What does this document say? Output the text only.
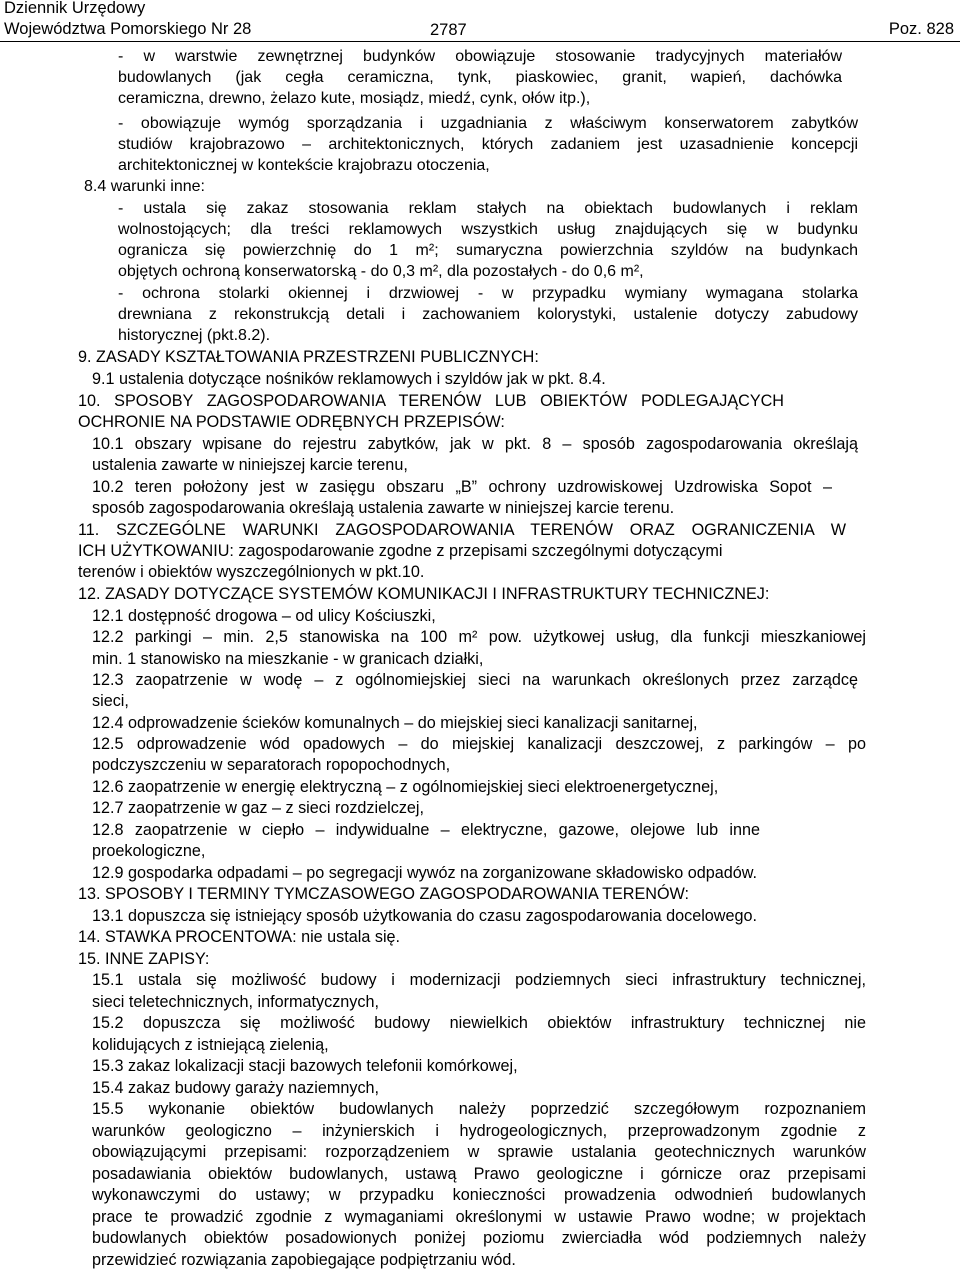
Dziennik Urzędowy
Województwa Pomorskiego Nr 28	2787	Poz. 828
- w warstwie zewnętrznej budynków obowiązuje stosowanie tradycyjnych materiałów
budowlanych (jak cegła ceramiczna, tynk, piaskowiec, granit, wapień, dachówka
ceramiczna, drewno, żelazo kute, mosiądz, miedź, cynk, ołów itp.),
- obowiązuje wymóg sporządzania i uzgadniania z właściwym konserwatorem zabytków
studiów krajobrazowo – architektonicznych, których zadaniem jest uzasadnienie koncepcji
architektonicznej w kontekście krajobrazu otoczenia,
8.4 warunki inne:
- ustala się zakaz stosowania reklam stałych na obiektach budowlanych i reklam
wolnostojących; dla treści reklamowych wszystkich usług znajdujących się w budynku
ogranicza się powierzchnię do 1 m²; sumaryczna powierzchnia szyldów na budynkach
objętych ochroną konserwatorską - do 0,3 m², dla pozostałych - do 0,6 m²,
- ochrona stolarki okiennej i drzwiowej - w przypadku wymiany wymagana stolarka
drewniana z rekonstrukcją detali i zachowaniem kolorystyki, ustalenie dotyczy zabudowy
historycznej (pkt.8.2).
9. ZASADY KSZTAŁTOWANIA PRZESTRZENI PUBLICZNYCH:
9.1 ustalenia dotyczące nośników reklamowych i szyldów jak w pkt. 8.4.
10. SPOSOBY ZAGOSPODAROWANIA TERENÓW LUB OBIEKTÓW PODLEGAJĄCYCH
OCHRONIE NA PODSTAWIE ODRĘBNYCH PRZEPISÓW:
10.1 obszary wpisane do rejestru zabytków, jak w pkt. 8 – sposób zagospodarowania określają
ustalenia zawarte w niniejszej karcie terenu,
10.2 teren położony jest w zasięgu obszaru „B” ochrony uzdrowiskowej Uzdrowiska Sopot –
sposób zagospodarowania określają ustalenia zawarte w niniejszej karcie terenu.
11. SZCZEGÓLNE WARUNKI ZAGOSPODAROWANIA TERENÓW ORAZ OGRANICZENIA W
ICH UŻYTKOWANIU: zagospodarowanie zgodne z przepisami szczególnymi dotyczącymi
terenów i obiektów wyszczególnionych w pkt.10.
12. ZASADY DOTYCZĄCE SYSTEMÓW KOMUNIKACJI I INFRASTRUKTURY TECHNICZNEJ:
12.1 dostępność drogowa – od ulicy Kościuszki,
12.2 parkingi – min. 2,5 stanowiska na 100 m² pow. użytkowej usług, dla funkcji mieszkaniowej
min. 1 stanowisko na mieszkanie - w granicach działki,
12.3 zaopatrzenie w wodę – z ogólnomiejskiej sieci na warunkach określonych przez zarządcę
sieci,
12.4 odprowadzenie ścieków komunalnych – do miejskiej sieci kanalizacji sanitarnej,
12.5 odprowadzenie wód opadowych – do miejskiej kanalizacji deszczowej, z parkingów – po
podczyszczeniu w separatorach ropopochodnych,
12.6 zaopatrzenie w energię elektryczną – z ogólnomiejskiej sieci elektroenergetycznej,
12.7 zaopatrzenie w gaz – z sieci rozdzielczej,
12.8 zaopatrzenie w ciepło – indywidualne – elektryczne, gazowe, olejowe lub inne
proekologiczne,
12.9 gospodarka odpadami – po segregacji wywóz na zorganizowane składowisko odpadów.
13. SPOSOBY I TERMINY TYMCZASOWEGO ZAGOSPODAROWANIA TERENÓW:
13.1 dopuszcza się istniejący sposób użytkowania do czasu zagospodarowania docelowego.
14. STAWKA PROCENTOWA: nie ustala się.
15. INNE ZAPISY:
15.1 ustala się możliwość budowy i modernizacji podziemnych sieci infrastruktury technicznej,
sieci teletechnicznych, informatycznych,
15.2 dopuszcza się możliwość budowy niewielkich obiektów infrastruktury technicznej nie
kolidujących z istniejącą zielenią,
15.3 zakaz lokalizacji stacji bazowych telefonii komórkowej,
15.4 zakaz budowy garaży naziemnych,
15.5 wykonanie obiektów budowlanych należy poprzedzić szczegółowym rozpoznaniem
warunków geologiczno – inżynierskich i hydrogeologicznych, przeprowadzonym zgodnie z
obowiązującymi przepisami: rozporządzeniem w sprawie ustalania geotechnicznych warunków
posadawiania obiektów budowlanych, ustawą Prawo geologiczne i górnicze oraz przepisami
wykonawczymi do ustawy; w przypadku konieczności prowadzenia odwodnień budowlanych
prace te prowadzić zgodnie z wymaganiami określonymi w ustawie Prawo wodne; w projektach
budowlanych obiektów posadowionych poniżej poziomu zwierciadła wód podziemnych należy
przewidzieć rozwiązania zapobiegające podpiętrzaniu wód.
